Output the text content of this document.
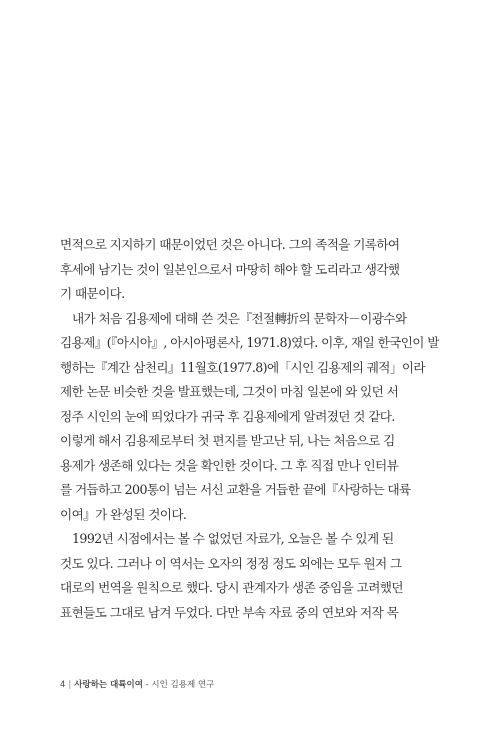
면적으로 지지하기 때문이었던 것은 아니다. 그의 족적을 기록하여
후세에 남기는 것이 일본인으로서 마땅히 해야 할 도리라고 생각했
기 때문이다.
　내가 처음 김용제에 대해 쓴 것은『전절轉折의 문학자－이광수와
김용제』(『아시아』, 아시아평론사, 1971.8)였다. 이후, 재일 한국인이 발
행하는『계간 삼천리』11월호(1977.8)에「시인 김용제의 궤적」이라
제한 논문 비슷한 것을 발표했는데, 그것이 마침 일본에 와 있던 서
정주 시인의 눈에 띄었다가 귀국 후 김용제에게 알려졌던 것 같다.
이렇게 해서 김용제로부터 첫 편지를 받고난 뒤, 나는 처음으로 김
용제가 생존해 있다는 것을 확인한 것이다. 그 후 직접 만나 인터뷰
를 거듭하고 200통이 넘는 서신 교환을 거듭한 끝에『사랑하는 대륙
이여』가 완성된 것이다.
　1992년 시점에서는 볼 수 없었던 자료가, 오늘은 볼 수 있게 된
것도 있다. 그러나 이 역서는 오자의 정정 정도 외에는 모두 원저 그
대로의 번역을 원칙으로 했다. 당시 관계자가 생존 중임을 고려했던
표현들도 그대로 남겨 두었다. 다만 부속 자료 중의 연보와 저작 목
4 | 사랑하는 대륙이여 - 시인 김용제 연구
